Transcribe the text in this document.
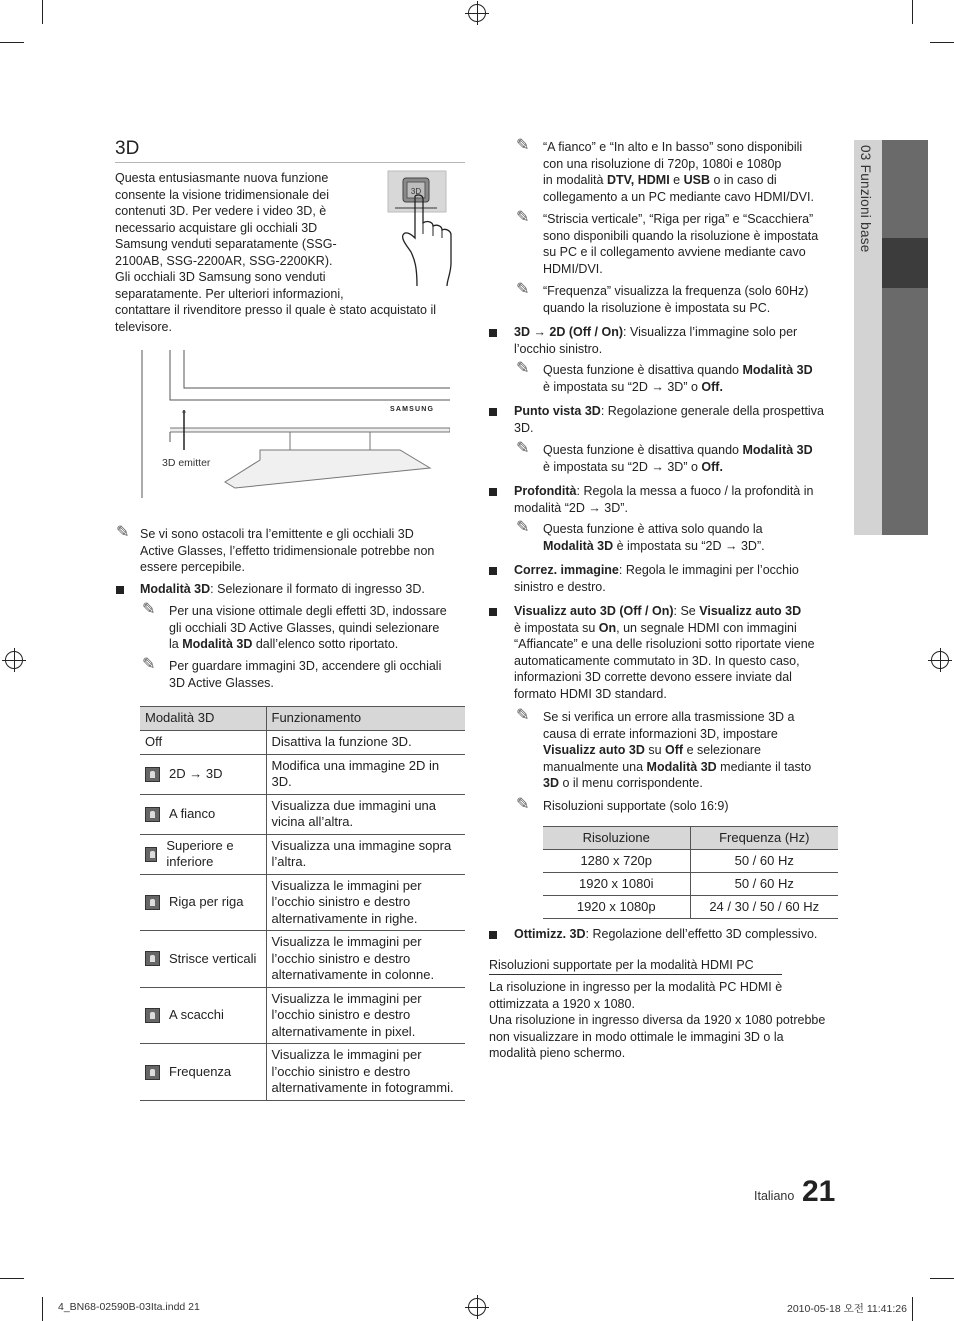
03 Funzioni base
3D
Questa entusiasmante nuova funzione
consente la visione tridimensionale dei
contenuti 3D. Per vedere i video 3D, è
necessario acquistare gli occhiali 3D
Samsung venduti separatamente (SSG-
2100AB, SSG-2200AR, SSG-2200KR).
Gli occhiali 3D Samsung sono venduti
separatamente. Per ulteriori informazioni,
contattare il rivenditore presso il quale è stato acquistato il
televisore.
3D
SAMSUNG
3D emitter
✎ Se vi sono ostacoli tra l’emittente e gli occhiali 3D
Active Glasses, l’effetto tridimensionale potrebbe non
essere percepibile.
Modalità 3D: Selezionare il formato di ingresso 3D.
✎ Per una visione ottimale degli effetti 3D, indossare
gli occhiali 3D Active Glasses, quindi selezionare
la Modalità 3D dall’elenco sotto riportato.
✎ Per guardare immagini 3D, accendere gli occhiali
3D Active Glasses.
Modalità 3D	Funzionamento
Off	Disattiva la funzione 3D.
2D → 3D	Modifica una immagine 2D in 3D.
A fianco	Visualizza due immagini una vicina all’altra.

Superiore e inferiore	Visualizza una immagine sopra l’altra.
Riga per riga	Visualizza le immagini per l’occhio sinistro e destro alternativamente in righe.

Strisce verticali	Visualizza le immagini per l’occhio sinistro e destro alternativamente in colonne.
A scacchi	Visualizza le immagini per l’occhio sinistro e destro alternativamente in pixel.
Frequenza	Visualizza le immagini per l’occhio sinistro e destro alternativamente in fotogrammi.
✎ “A fianco” e “In alto e In basso” sono disponibili
con una risoluzione di 720p, 1080i e 1080p
in modalità DTV, HDMI e USB o in caso di
collegamento a un PC mediante cavo HDMI/DVI.
✎ “Striscia verticale”, “Riga per riga” e “Scacchiera”
sono disponibili quando la risoluzione è impostata
su PC e il collegamento avviene mediante cavo
HDMI/DVI.
✎ “Frequenza” visualizza la frequenza (solo 60Hz)
quando la risoluzione è impostata su PC.
3D → 2D (Off / On): Visualizza l’immagine solo per
l’occhio sinistro.
✎ Questa funzione è disattiva quando Modalità 3D
è impostata su “2D → 3D” o Off.
Punto vista 3D: Regolazione generale della prospettiva
3D.
✎ Questa funzione è disattiva quando Modalità 3D
è impostata su “2D → 3D” o Off.
Profondità: Regola la messa a fuoco / la profondità in
modalità “2D → 3D”.
✎ Questa funzione è attiva solo quando la
Modalità 3D è impostata su “2D → 3D”.
Correz. immagine: Regola le immagini per l’occhio
sinistro e destro.
Visualizz auto 3D (Off / On): Se Visualizz auto 3D
è impostata su On, un segnale HDMI con immagini
“Affiancate” e una delle risoluzioni sotto riportate viene
automaticamente commutato in 3D. In questo caso,
informazioni 3D corrette devono essere inviate dal
formato HDMI 3D standard.
✎ Se si verifica un errore alla trasmissione 3D a
causa di errate informazioni 3D, impostare
Visualizz auto 3D su Off e selezionare
manualmente una Modalità 3D mediante il tasto
3D o il menu corrispondente.
✎ Risoluzioni supportate (solo 16:9)
Risoluzione	Frequenza (Hz)
1280 x 720p	50 / 60 Hz
1920 x 1080i	50 / 60 Hz
1920 x 1080p	24 / 30 / 50 / 60 Hz
Ottimizz. 3D: Regolazione dell’effetto 3D complessivo.
Risoluzioni supportate per la modalità HDMI PC
La risoluzione in ingresso per la modalità PC HDMI è
ottimizzata a 1920 x 1080.
Una risoluzione in ingresso diversa da 1920 x 1080 potrebbe
non visualizzare in modo ottimale le immagini 3D o la
modalità pieno schermo.
Italiano 21
4_BN68-02590B-03Ita.indd 21	2010-05-18 오전 11:41:26
